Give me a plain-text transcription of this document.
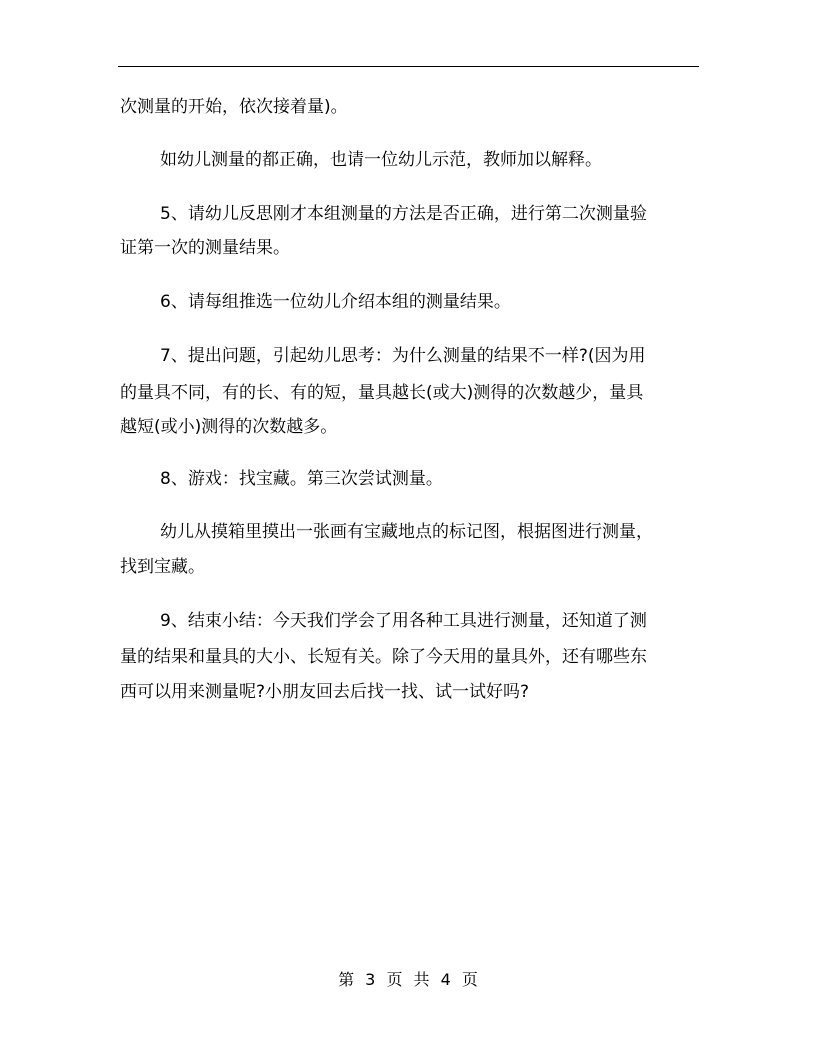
次测量的开始，依次接着量)。

如幼儿测量的都正确，也请一位幼儿示范，教师加以解释。

5、请幼儿反思刚才本组测量的方法是否正确，进行第二次测量验

证第一次的测量结果。

6、请每组推选一位幼儿介绍本组的测量结果。

7、提出问题，引起幼儿思考：为什么测量的结果不一样?(因为用

的量具不同，有的长、有的短，量具越长(或大)测得的次数越少，量具

越短(或小)测得的次数越多。

8、游戏：找宝藏。第三次尝试测量。

幼儿从摸箱里摸出一张画有宝藏地点的标记图，根据图进行测量，

找到宝藏。

9、结束小结：今天我们学会了用各种工具进行测量，还知道了测

量的结果和量具的大小、长短有关。除了今天用的量具外，还有哪些东

西可以用来测量呢?小朋友回去后找一找、试一试好吗?

第 3 页 共 4 页
